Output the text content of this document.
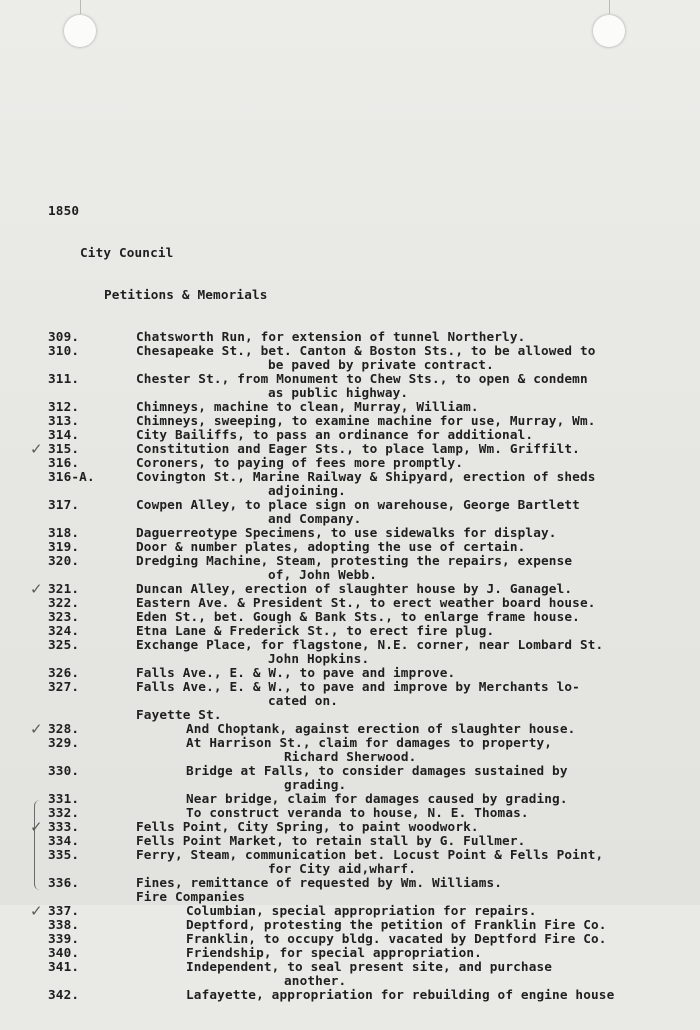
1850

City Council

Petitions & Memorials

309.	Chatsworth Run, for extension of tunnel Northerly.
310.	Chesapeake St., bet. Canton & Boston Sts., to be allowed to
be paved by private contract.
311.	Chester St., from Monument to Chew Sts., to open & condemn
as public highway.
312.	Chimneys, machine to clean, Murray, William.
313.	Chimneys, sweeping, to examine machine for use, Murray, Wm.
314.	City Bailiffs, to pass an ordinance for additional.
✓ 315.	Constitution and Eager Sts., to place lamp, Wm. Griffilt.
316.	Coroners, to paying of fees more promptly.
316-A.	Covington St., Marine Railway & Shipyard, erection of sheds
adjoining.
317.	Cowpen Alley, to place sign on warehouse, George Bartlett
and Company.
318.	Daguerreotype Specimens, to use sidewalks for display.
319.	Door & number plates, adopting the use of certain.
320.	Dredging Machine, Steam, protesting the repairs, expense
of, John Webb.
✓ 321.	Duncan Alley, erection of slaughter house by J. Ganagel.
322.	Eastern Ave. & President St., to erect weather board house.
323.	Eden St., bet. Gough & Bank Sts., to enlarge frame house.
324.	Etna Lane & Frederick St., to erect fire plug.
325.	Exchange Place, for flagstone, N.E. corner, near Lombard St.
John Hopkins.
326.	Falls Ave., E. & W., to pave and improve.
327.	Falls Ave., E. & W., to pave and improve by Merchants lo-
cated on.
Fayette St.
✓ 328.	And Choptank, against erection of slaughter house.
329.	At Harrison St., claim for damages to property,
Richard Sherwood.
330.	Bridge at Falls, to consider damages sustained by
grading.
331.	Near bridge, claim for damages caused by grading.
332.	To construct veranda to house, N. E. Thomas.
✓ 333.	Fells Point, City Spring, to paint woodwork.
334.	Fells Point Market, to retain stall by G. Fullmer.
335.	Ferry, Steam, communication bet. Locust Point & Fells Point,
for City aid,wharf.
336.	Fines, remittance of requested by Wm. Williams.
Fire Companies
✓ 337.	Columbian, special appropriation for repairs.
338.	Deptford, protesting the petition of Franklin Fire Co.
339.	Franklin, to occupy bldg. vacated by Deptford Fire Co.
340.	Friendship, for special appropriation.
341.	Independent, to seal present site, and purchase
another.
342.	Lafayette, appropriation for rebuilding of engine house
